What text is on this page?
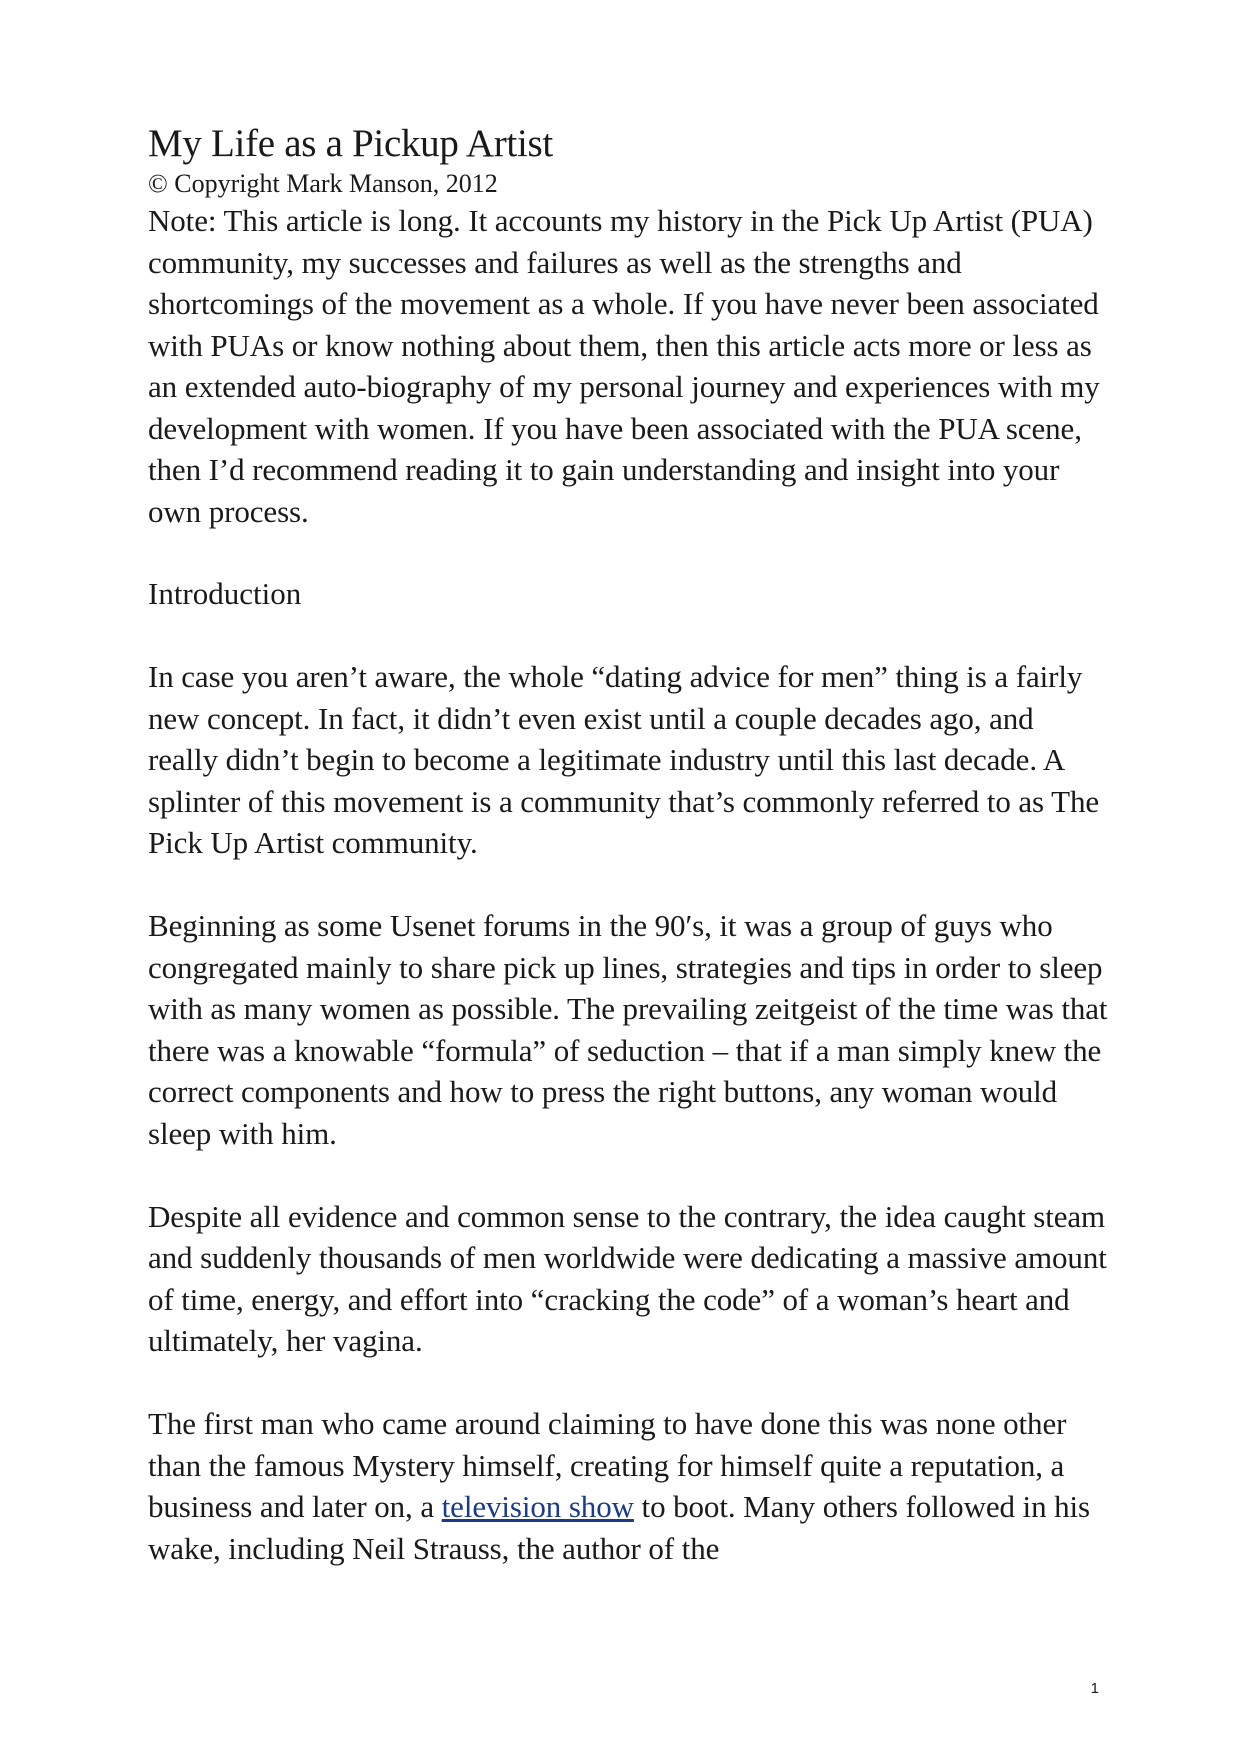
My Life as a Pickup Artist
© Copyright Mark Manson, 2012

Note: This article is long. It accounts my history in the Pick Up Artist (PUA) community, my successes and failures as well as the strengths and shortcomings of the movement as a whole. If you have never been associated with PUAs or know nothing about them, then this article acts more or less as an extended auto-biography of my personal journey and experiences with my development with women. If you have been associated with the PUA scene, then I’d recommend reading it to gain understanding and insight into your own process.

Introduction

In case you aren’t aware, the whole “dating advice for men” thing is a fairly new concept. In fact, it didn’t even exist until a couple decades ago, and really didn’t begin to become a legitimate industry until this last decade. A splinter of this movement is a community that’s commonly referred to as The Pick Up Artist community.

Beginning as some Usenet forums in the 90′s, it was a group of guys who congregated mainly to share pick up lines, strategies and tips in order to sleep with as many women as possible. The prevailing zeitgeist of the time was that there was a knowable “formula” of seduction – that if a man simply knew the correct components and how to press the right buttons, any woman would sleep with him.

Despite all evidence and common sense to the contrary, the idea caught steam and suddenly thousands of men worldwide were dedicating a massive amount of time, energy, and effort into “cracking the code” of a woman’s heart and ultimately, her vagina.

The first man who came around claiming to have done this was none other than the famous Mystery himself, creating for himself quite a reputation, a business and later on, a television show to boot. Many others followed in his wake, including Neil Strauss, the author of the

1
